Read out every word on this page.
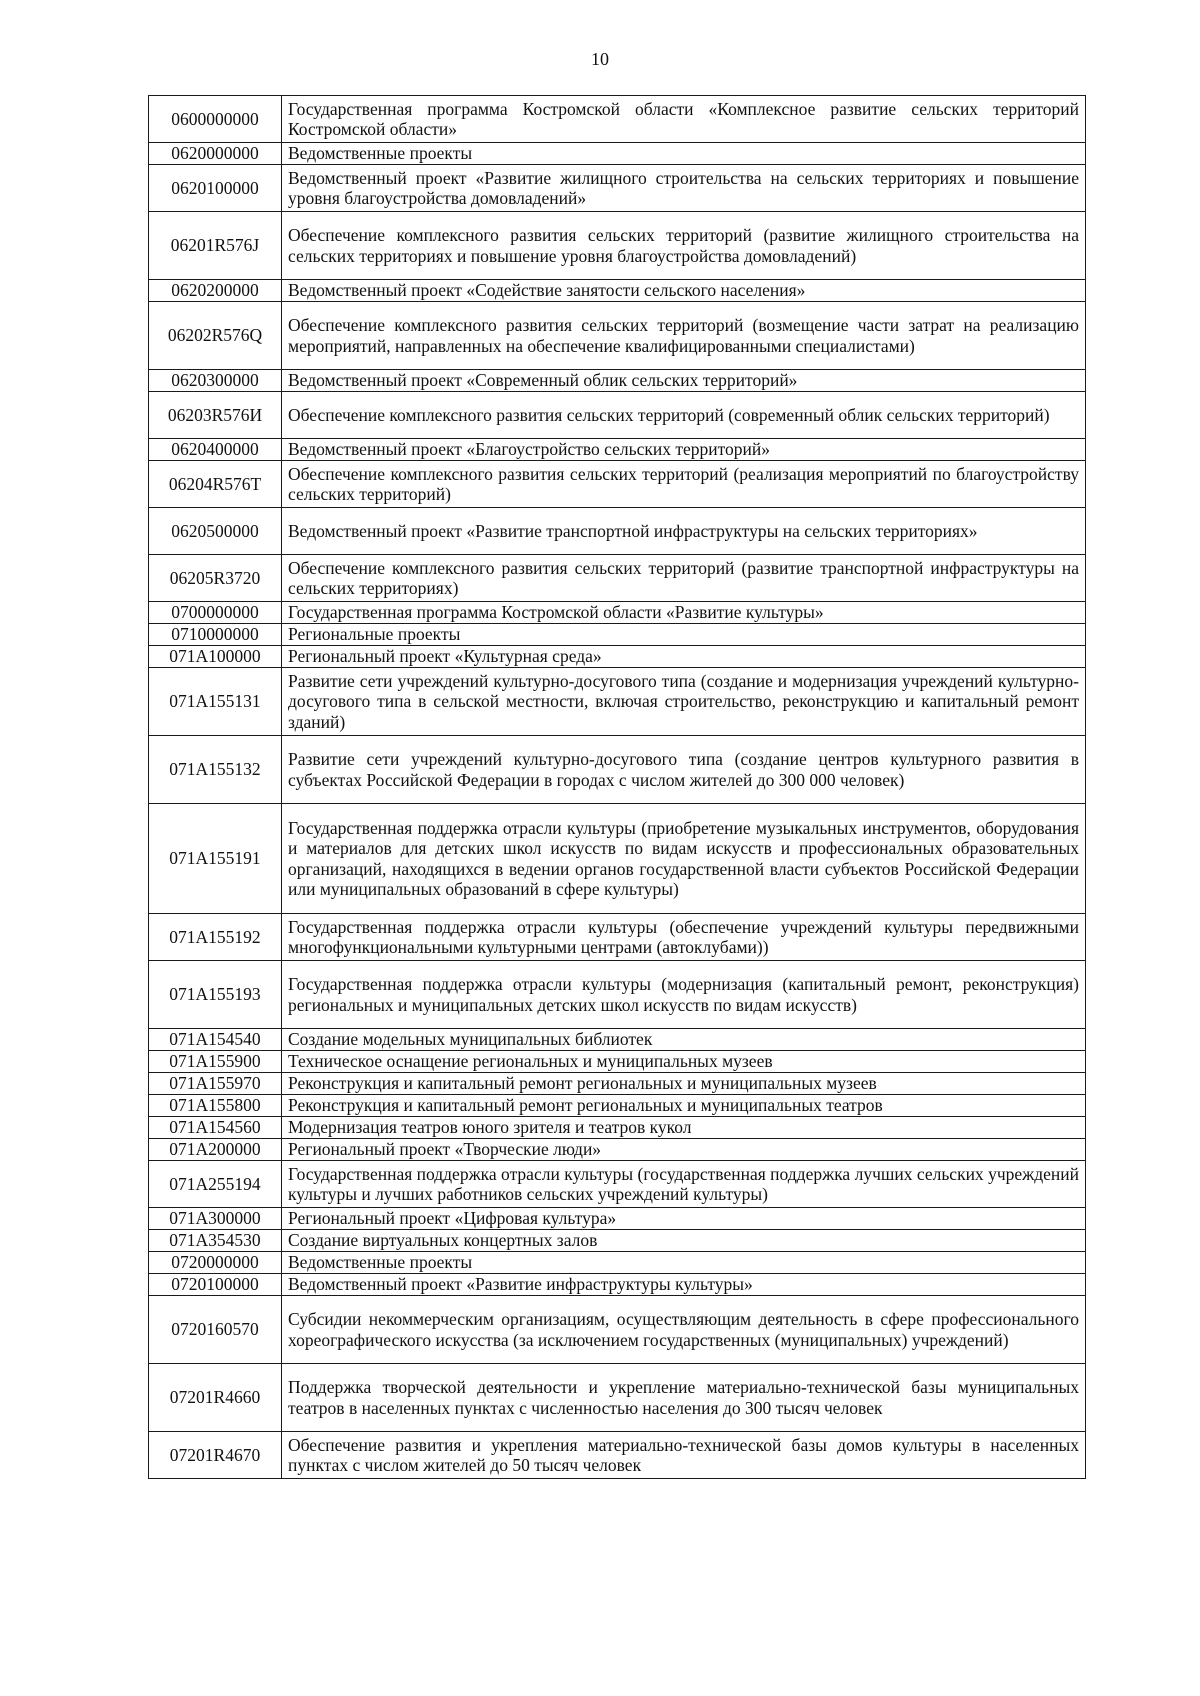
10
0600000000	Государственная программа Костромской области «Комплексное развитие сельских территорий Костромской области»
0620000000	Ведомственные проекты
0620100000	Ведомственный проект «Развитие жилищного строительства на сельских территориях и повышение уровня благоустройства домовладений»
06201R576J	Обеспечение комплексного развития сельских территорий (развитие жилищного строительства на сельских территориях и повышение уровня благоустройства домовладений)
0620200000	Ведомственный проект «Содействие занятости сельского населения»
06202R576Q	Обеспечение комплексного развития сельских территорий (возмещение части затрат на реализацию мероприятий, направленных на обеспечение квалифицированными специалистами)
0620300000	Ведомственный проект «Современный облик сельских территорий»
06203R576И	Обеспечение комплексного развития сельских территорий (современный облик сельских территорий)
0620400000	Ведомственный проект «Благоустройство сельских территорий»
06204R576T	Обеспечение комплексного развития сельских территорий (реализация мероприятий по благоустройству сельских территорий)
0620500000	Ведомственный проект «Развитие транспортной инфраструктуры на сельских территориях»
06205R3720	Обеспечение комплексного развития сельских территорий (развитие транспортной инфраструктуры на сельских территориях)
0700000000	Государственная программа Костромской области «Развитие культуры»
0710000000	Региональные проекты
071A100000	Региональный проект «Культурная среда»
071A155131	Развитие сети учреждений культурно-досугового типа (создание и модернизация учреждений культурно-досугового типа в сельской местности, включая строительство, реконструкцию и капитальный ремонт зданий)
071A155132	Развитие сети учреждений культурно-досугового типа (создание центров культурного развития в субъектах Российской Федерации в городах с числом жителей до 300 000 человек)
071A155191	Государственная поддержка отрасли культуры (приобретение музыкальных инструментов, оборудования и материалов для детских школ искусств по видам искусств и профессиональных образовательных организаций, находящихся в ведении органов государственной власти субъектов Российской Федерации или муниципальных образований в сфере культуры)
071A155192	Государственная поддержка отрасли культуры (обеспечение учреждений культуры передвижными многофункциональными культурными центрами (автоклубами))
071A155193	Государственная поддержка отрасли культуры (модернизация (капитальный ремонт, реконструкция) региональных и муниципальных детских школ искусств по видам искусств)
071A154540	Создание модельных муниципальных библиотек
071A155900	Техническое оснащение региональных и муниципальных музеев
071A155970	Реконструкция и капитальный ремонт региональных и муниципальных музеев
071A155800	Реконструкция и капитальный ремонт региональных и муниципальных театров
071A154560	Модернизация театров юного зрителя и театров кукол
071A200000	Региональный проект «Творческие люди»
071A255194	Государственная поддержка отрасли культуры (государственная поддержка лучших сельских учреждений культуры и лучших работников сельских учреждений культуры)
071A300000	Региональный проект «Цифровая культура»
071A354530	Создание виртуальных концертных залов
0720000000	Ведомственные проекты
0720100000	Ведомственный проект «Развитие инфраструктуры культуры»
0720160570	Субсидии некоммерческим организациям, осуществляющим деятельность в сфере профессионального хореографического искусства (за исключением государственных (муниципальных) учреждений)
07201R4660	Поддержка творческой деятельности и укрепление материально-технической базы муниципальных театров в населенных пунктах с численностью населения до 300 тысяч человек
07201R4670	Обеспечение развития и укрепления материально-технической базы домов культуры в населенных пунктах с числом жителей до 50 тысяч человек
